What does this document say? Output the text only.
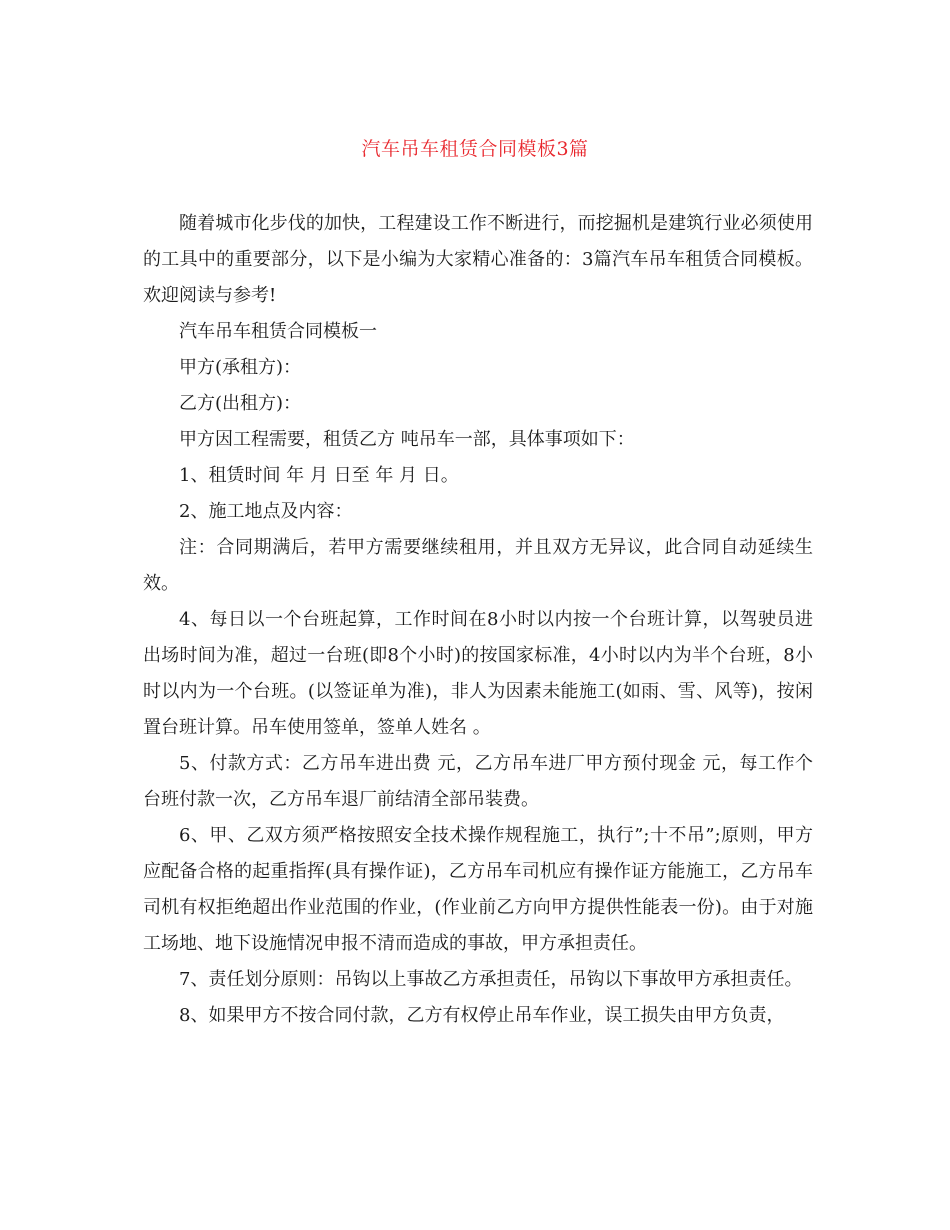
汽车吊车租赁合同模板3篇

随着城市化步伐的加快，工程建设工作不断进行，而挖掘机是建筑行业必须使用的工具中的重要部分，以下是小编为大家精心准备的：3篇汽车吊车租赁合同模板。欢迎阅读与参考!

汽车吊车租赁合同模板一

甲方(承租方)：

乙方(出租方)：

甲方因工程需要，租赁乙方 吨吊车一部，具体事项如下：

1、租赁时间 年 月 日至 年 月 日。

2、施工地点及内容：

注：合同期满后，若甲方需要继续租用，并且双方无异议，此合同自动延续生效。

4、每日以一个台班起算，工作时间在8小时以内按一个台班计算，以驾驶员进出场时间为准，超过一台班(即8个小时)的按国家标准，4小时以内为半个台班，8小时以内为一个台班。(以签证单为准)，非人为因素未能施工(如雨、雪、风等)，按闲置台班计算。吊车使用签单，签单人姓名 。

5、付款方式：乙方吊车进出费 元，乙方吊车进厂甲方预付现金 元，每工作个台班付款一次，乙方吊车退厂前结清全部吊装费。

6、甲、乙双方须严格按照安全技术操作规程施工，执行”;十不吊”;原则，甲方应配备合格的起重指挥(具有操作证)，乙方吊车司机应有操作证方能施工，乙方吊车司机有权拒绝超出作业范围的作业，(作业前乙方向甲方提供性能表一份)。由于对施工场地、地下设施情况申报不清而造成的事故，甲方承担责任。

7、责任划分原则：吊钩以上事故乙方承担责任，吊钩以下事故甲方承担责任。

8、如果甲方不按合同付款，乙方有权停止吊车作业，误工损失由甲方负责，
